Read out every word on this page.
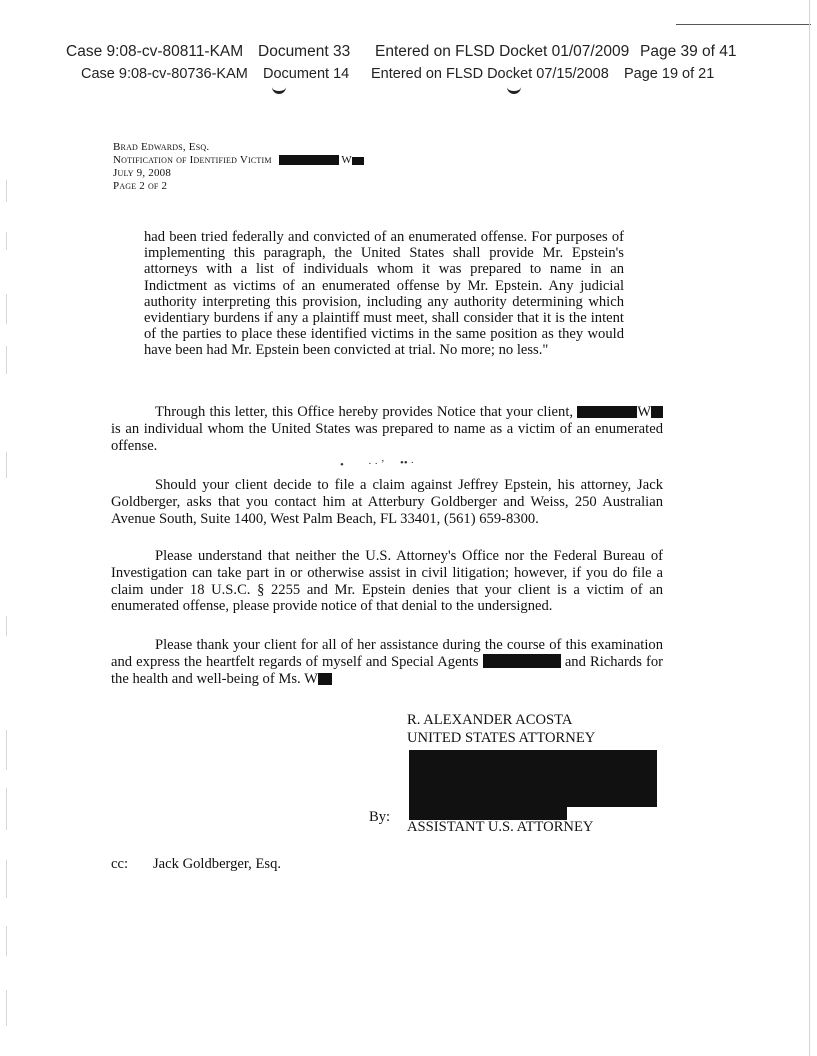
Case 9:08-cv-80811-KAM Document 33 Entered on FLSD Docket 01/07/2009 Page 39 of 41
Case 9:08-cv-80736-KAM Document 14 Entered on FLSD Docket 07/15/2008 Page 19 of 21
Brad Edwards, Esq.
Notification of Identified Victim	W
July 9, 2008
Page 2 of 2
had been tried federally and convicted of an enumerated offense. For purposes of implementing this paragraph, the United States shall provide Mr. Epstein's attorneys with a list of individuals whom it was prepared to name in an Indictment as victims of an enumerated offense by Mr. Epstein. Any judicial authority interpreting this provision, including any authority determining which evidentiary burdens if any a plaintiff must meet, shall consider that it is the intent of the parties to place these identified victims in the same position as they would have been had Mr. Epstein been convicted at trial. No more; no less."
Through this letter, this Office hereby provides Notice that your client,	W is an individual whom the United States was prepared to name as a victim of an enumerated offense.
• · · ’ •• ·
Should your client decide to file a claim against Jeffrey Epstein, his attorney, Jack Goldberger, asks that you contact him at Atterbury Goldberger and Weiss, 250 Australian Avenue South, Suite 1400, West Palm Beach, FL 33401, (561) 659-8300.
Please understand that neither the U.S. Attorney's Office nor the Federal Bureau of Investigation can take part in or otherwise assist in civil litigation; however, if you do file a claim under 18 U.S.C. § 2255 and Mr. Epstein denies that your client is a victim of an enumerated offense, please provide notice of that denial to the undersigned.
Please thank your client for all of her assistance during the course of this examination and express the heartfelt regards of myself and Special Agents	and Richards for the health and well-being of Ms. W
R. ALEXANDER ACOSTA
UNITED STATES ATTORNEY
By:
ASSISTANT U.S. ATTORNEY
cc: Jack Goldberger, Esq.
